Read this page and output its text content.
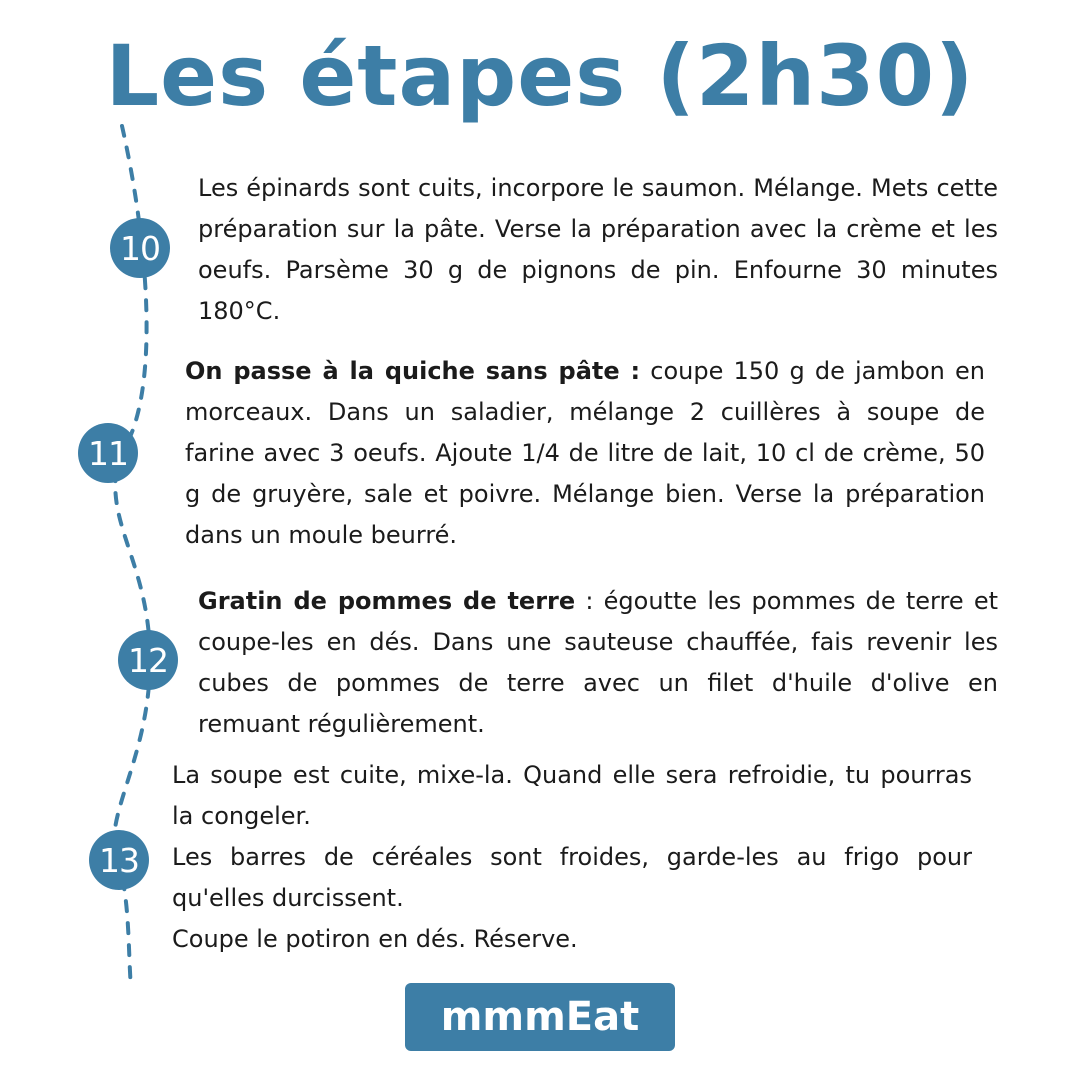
Les étapes (2h30)
10
11
12
13

Les épinards sont cuits, incorpore le saumon. Mélange. Mets cette préparation sur la pâte. Verse la préparation avec la crème et les oeufs. Parsème 30 g de pignons de pin. Enfourne 30 minutes 180°C.

On passe à la quiche sans pâte : coupe 150 g de jambon en morceaux. Dans un saladier, mélange 2 cuillères à soupe de farine avec 3 oeufs. Ajoute 1/4 de litre de lait, 10 cl de crème, 50 g de gruyère, sale et poivre. Mélange bien. Verse la préparation dans un moule beurré.

Gratin de pommes de terre : égoutte les pommes de terre et coupe-les en dés. Dans une sauteuse chauffée, fais revenir les cubes de pommes de terre avec un filet d'huile d'olive en remuant régulièrement.

La soupe est cuite, mixe-la. Quand elle sera refroidie, tu pourras la congeler.
Les barres de céréales sont froides, garde-les au frigo pour qu'elles durcissent.
Coupe le potiron en dés. Réserve.
mmmEat
